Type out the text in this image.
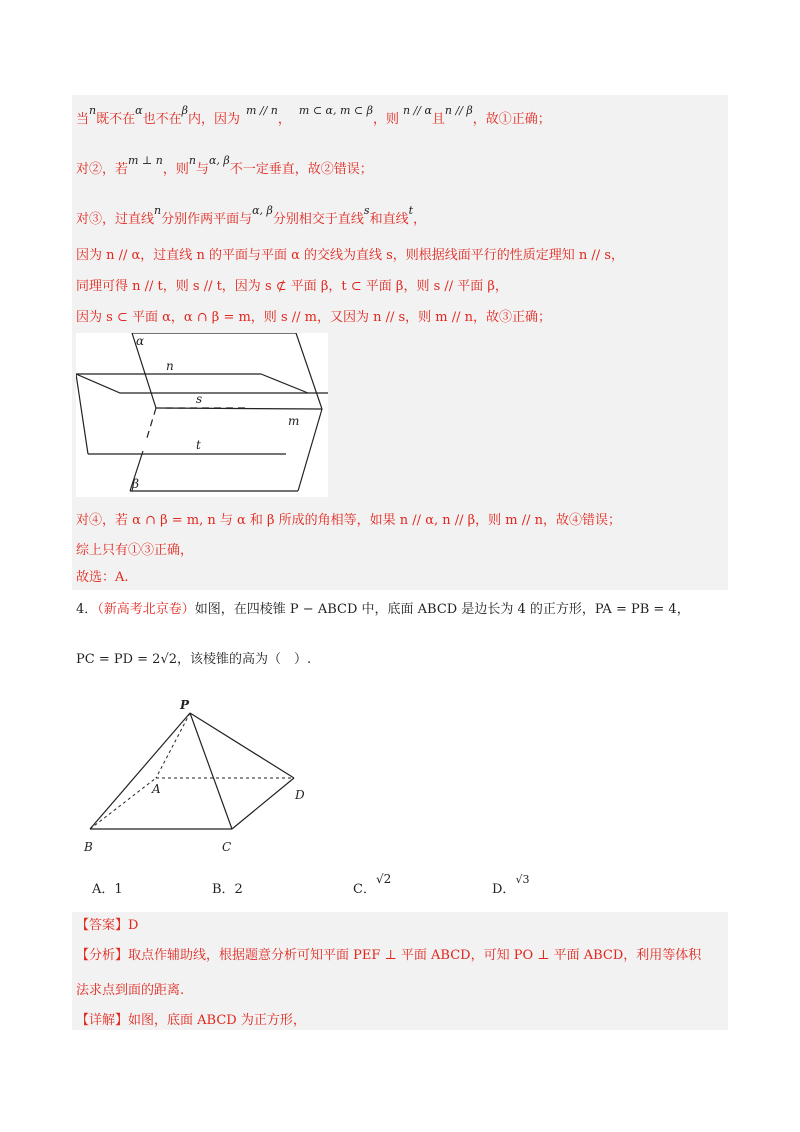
当$^n$既不在$^\alpha$也不在$^\beta$内，因为$^{m // n}$，$^{m \subset \alpha, m \subset \beta}$，则$^{n // \alpha}$且$^{n // \beta}$，故①正确；
对②，若$^{m \perp n}$，则$^n$与$^{\alpha, \beta}$不一定垂直，故②错误；
对③，过直线$^n$分别作两平面与$^{\alpha, \beta}$分别相交于直线$^s$和直线$^t$，
因为 n // α，过直线 n 的平面与平面 α 的交线为直线 s，则根据线面平行的性质定理知 n // s，
同理可得 n // t，则 s // t，因为 s ⊄ 平面 β，t ⊂ 平面 β，则 s // 平面 β，
因为 s ⊂ 平面 α，α ∩ β = m，则 s // m，又因为 n // s，则 m // n，故③正确；
α
n
s
m
t
β
对④，若 α ∩ β = m, n 与 α 和 β 所成的角相等，如果 n // α, n // β，则 m // n，故④错误；
综上只有①③正确，
故选：A.
4．（新高考北京卷）如图，在四棱锥 P − ABCD 中，底面 ABCD 是边长为 4 的正方形，PA = PB = 4，
PC = PD = 2√2，该棱锥的高为（　）.
P
A
B	C
D
A．1	B．2	C．√2
D．$^{√3}$
【答案】D
【分析】取点作辅助线，根据题意分析可知平面 PEF ⊥ 平面 ABCD，可知 PO ⊥ 平面 ABCD，利用等体积
法求点到面的距离.
【详解】如图，底面 ABCD 为正方形，
